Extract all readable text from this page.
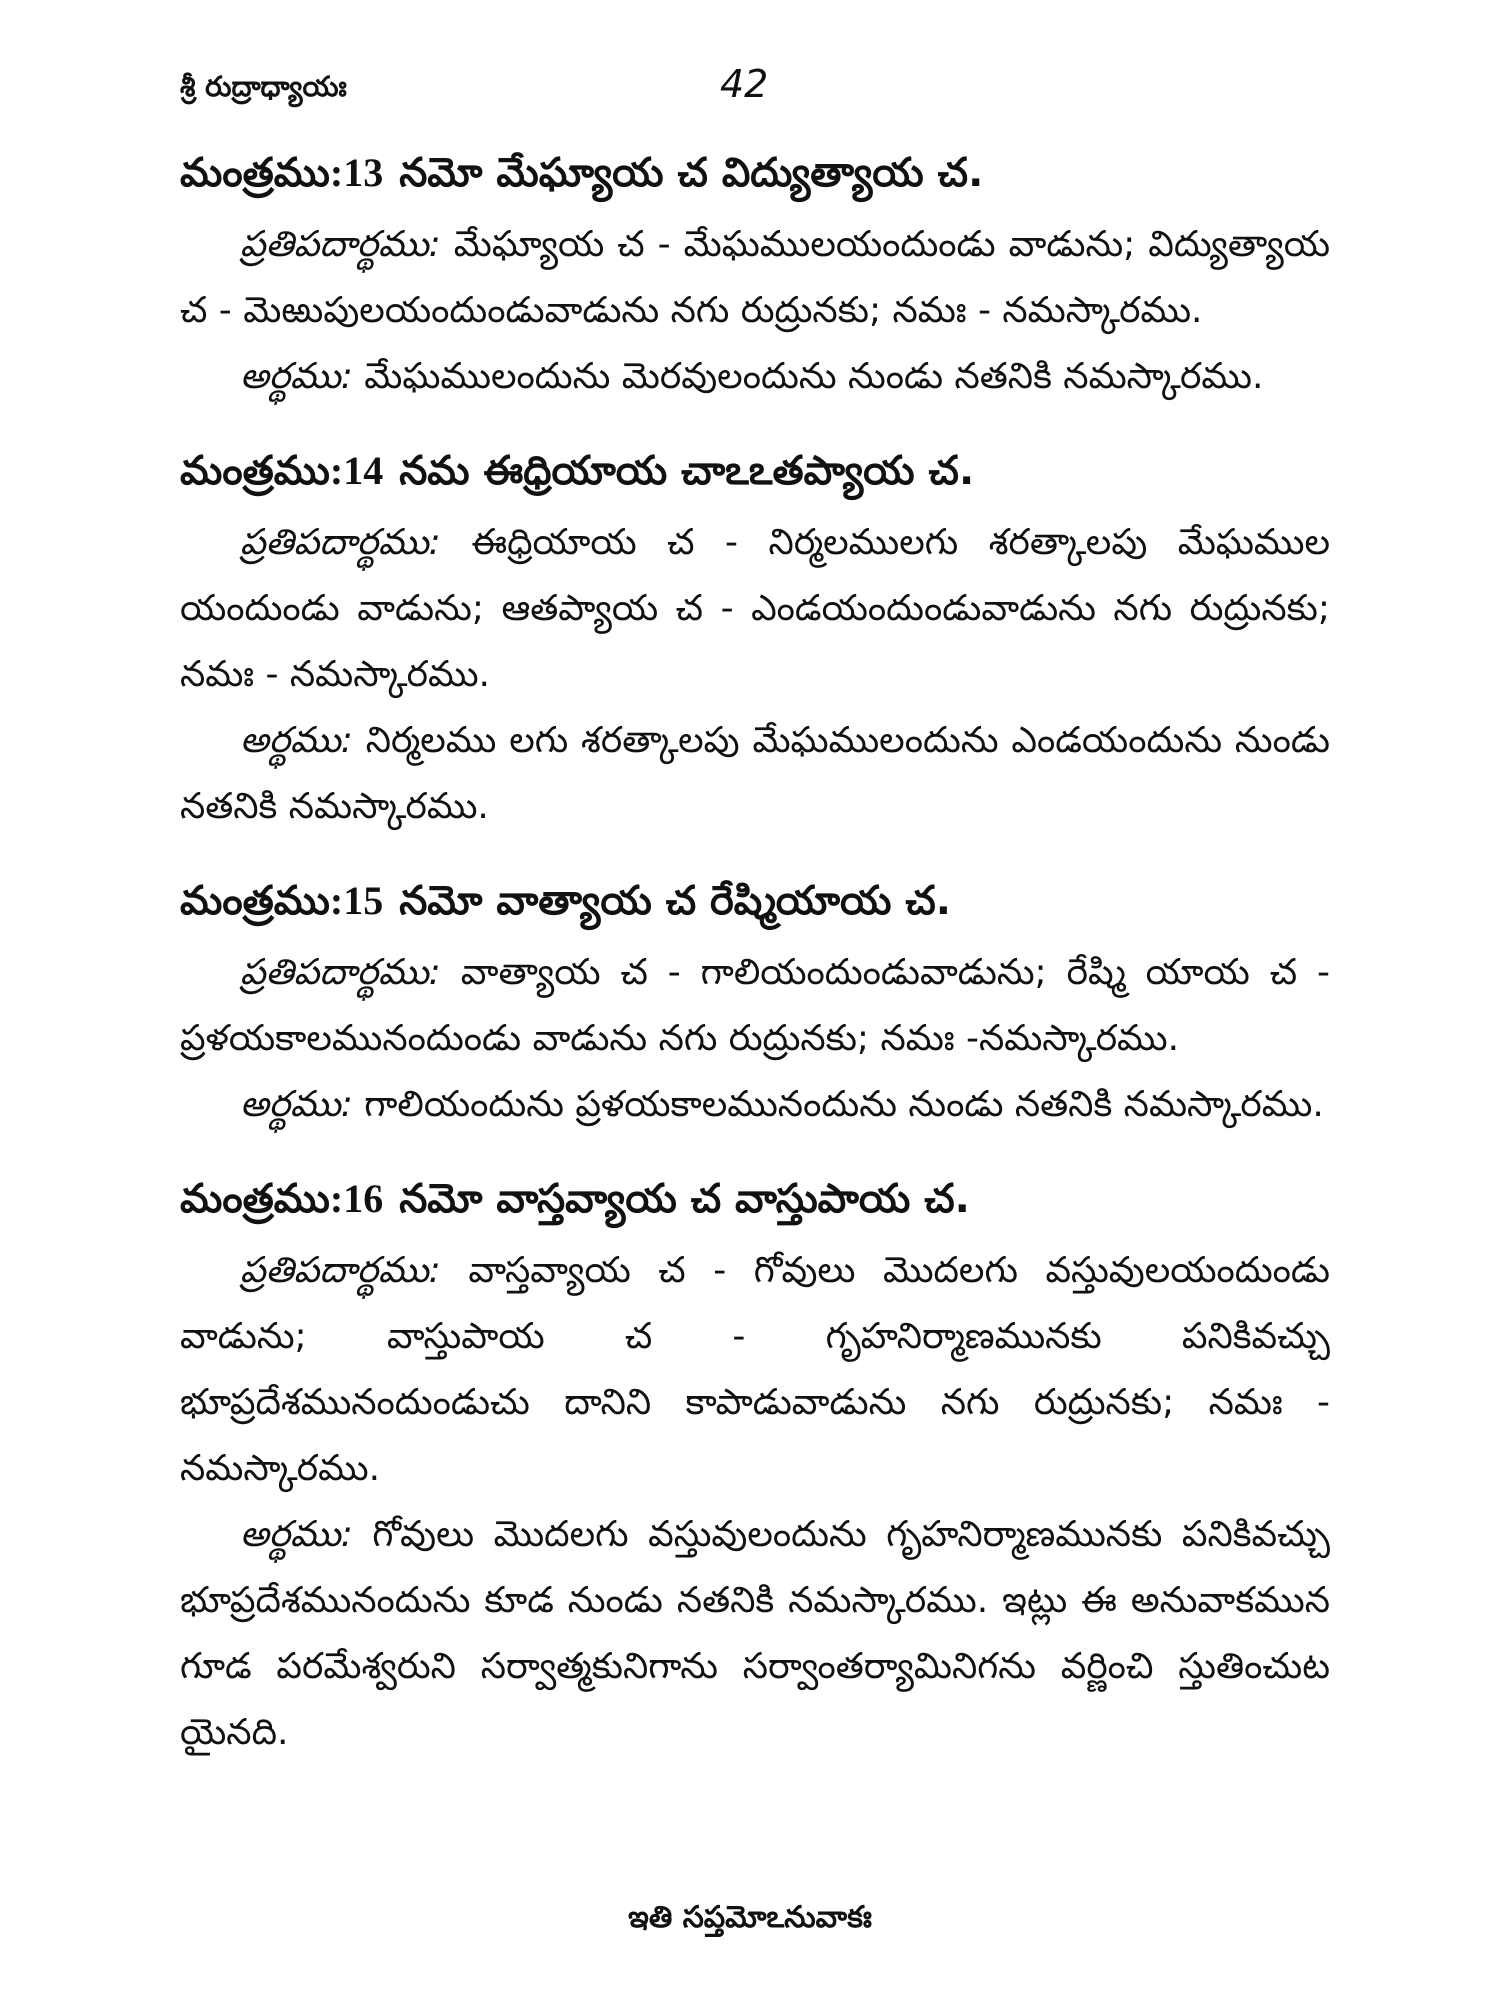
శ్రీ రుద్రాధ్యాయః	42
మంత్రము:13 నమో మేఘ్యాయ చ విద్యుత్యాయ చ.

ప్రతిపదార్థము: మేఘ్యాయ చ - మేఘములయందుండు వాడును; విద్యుత్యాయ చ - మెఱుపులయందుండువాడును నగు రుద్రునకు; నమః - నమస్కారము.

అర్థము: మేఘములందును మెరవులందును నుండు నతనికి నమస్కారము.

మంత్రము:14 నమ ఈధ్రియాయ చాఽఽతప్యాయ చ.

ప్రతిపదార్థము: ఈధ్రియాయ చ - నిర్మలములగు శరత్కాలపు మేఘముల యందుండు వాడును; ఆతప్యాయ చ - ఎండయందుండువాడును నగు రుద్రునకు; నమః - నమస్కారము.

అర్థము: నిర్మలము లగు శరత్కాలపు మేఘములందును ఎండయందును నుండు నతనికి నమస్కారము.

మంత్రము:15 నమో వాత్యాయ చ రేష్మియాయ చ.

ప్రతిపదార్థము: వాత్యాయ చ - గాలియందుండువాడును; రేష్మి యాయ చ - ప్రళయకాలమునందుండు వాడును నగు రుద్రునకు; నమః -నమస్కారము.

అర్థము: గాలియందును ప్రళయకాలమునందును నుండు నతనికి నమస్కారము.

మంత్రము:16 నమో వాస్తవ్యాయ చ వాస్తుపాయ చ.

ప్రతిపదార్థము: వాస్తవ్యాయ చ - గోవులు మొదలగు వస్తువులయందుండు వాడును; వాస్తుపాయ చ - గృహనిర్మాణమునకు పనికివచ్చు భూప్రదేశమునందుండుచు దానిని కాపాడువాడును నగు రుద్రునకు; నమః - నమస్కారము.

అర్థము: గోవులు మొదలగు వస్తువులందును గృహనిర్మాణమునకు పనికివచ్చు భూప్రదేశమునందును కూడ నుండు నతనికి నమస్కారము. ఇట్లు ఈ అనువాకమున గూడ పరమేశ్వరుని సర్వాత్మకునిగాను సర్వాంతర్యామినిగను వర్ణించి స్తుతించుట యైనది.

ఇతి సప్తమోఽనువాకః
